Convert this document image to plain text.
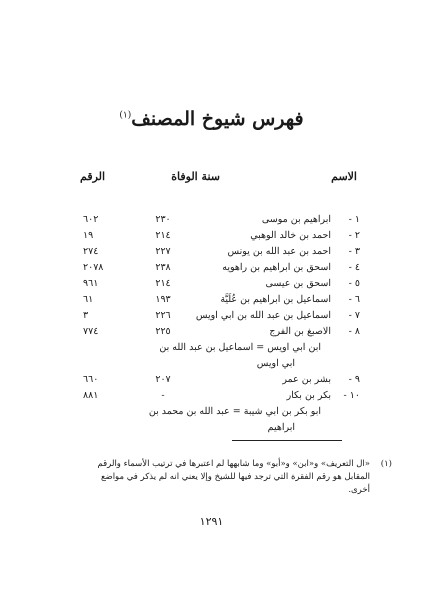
فهرس شيوخ المصنف$^{(١)}$
الاسم
سنة الوفاة
الرقم
١ -
ابراهيم بن موسى
٢٣٠
٦٠٢
٢ -
احمد بن خالد الوهبي
٢١٤
١٩
٣ -
احمد بن عبد الله بن يونس
٢٢٧
٢٧٤
٤ -
اسحق بن ابراهيم بن راهويه
٢٣٨
٢٠٧٨
٥ -
اسحق بن عيسى
٢١٤
٩٦١
٦ -
اسماعيل بن ابراهيم بن عُلَيَّة
١٩٣
٦١
٧ -
اسماعيل بن عبد الله بن ابي اويس
٢٢٦
٣
٨ -
الاصبغ بن الفرج
٢٢٥
٧٧٤
ابن ابي اويس = اسماعيل بن عبد الله بن
ابي اويس
٩ -
بشر بن عمر
٢٠٧
٦٦٠
١٠ -
بكر بن بكار
-
٨٨١
ابو بكر بن ابي شيبة = عبد الله بن محمد بن
ابراهيم
(١)
«ال التعريف» و«ابن» و«أبو» وما شابهها لم اعتبرها في ترتيب الأسماء والرقم المقابل هو رقم الفقرة التي ترجد فيها للشيخ وإلا يعني انه لم يذكر في مواضع أخرى.
١٢٩١
